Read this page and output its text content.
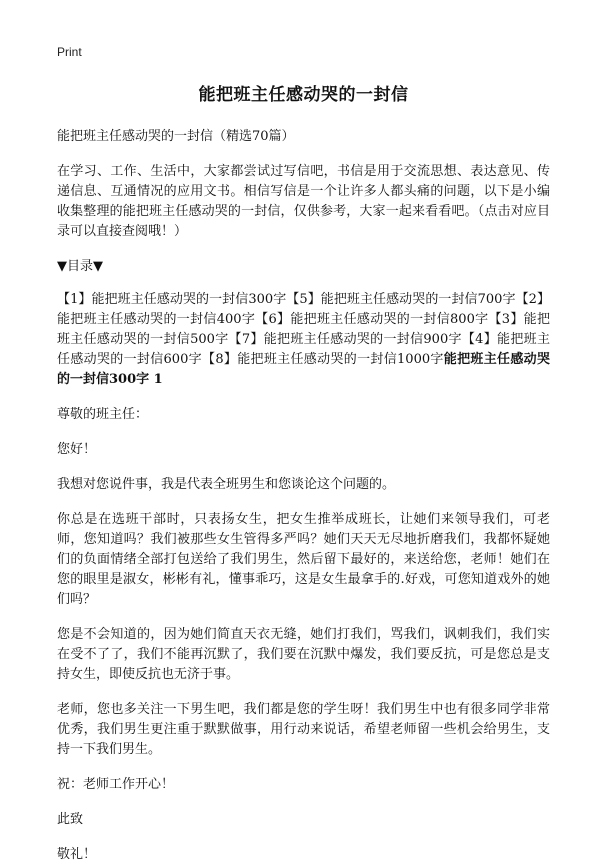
Print
能把班主任感动哭的一封信

能把班主任感动哭的一封信（精选70篇）

在学习、工作、生活中，大家都尝试过写信吧，书信是用于交流思想、表达意见、传递信息、互通情况的应用文书。相信写信是一个让许多人都头痛的问题，以下是小编收集整理的能把班主任感动哭的一封信，仅供参考，大家一起来看看吧。（点击对应目录可以直接查阅哦！）

▼目录▼

【1】能把班主任感动哭的一封信300字【5】能把班主任感动哭的一封信700字【2】能把班主任感动哭的一封信400字【6】能把班主任感动哭的一封信800字【3】能把班主任感动哭的一封信500字【7】能把班主任感动哭的一封信900字【4】能把班主任感动哭的一封信600字【8】能把班主任感动哭的一封信1000字能把班主任感动哭的一封信300字 1

尊敬的班主任：

您好！

我想对您说件事，我是代表全班男生和您谈论这个问题的。

你总是在选班干部时，只表扬女生，把女生推举成班长，让她们来领导我们，可老师，您知道吗？我们被那些女生管得多严吗？她们天天无尽地折磨我们，我都怀疑她们的负面情绪全部打包送给了我们男生，然后留下最好的，来送给您，老师！她们在您的眼里是淑女，彬彬有礼，懂事乖巧，这是女生最拿手的.好戏，可您知道戏外的她们吗？

您是不会知道的，因为她们简直天衣无缝，她们打我们，骂我们，讽刺我们，我们实在受不了了，我们不能再沉默了，我们要在沉默中爆发，我们要反抗，可是您总是支持女生，即使反抗也无济于事。

老师，您也多关注一下男生吧，我们都是您的学生呀！我们男生中也有很多同学非常优秀，我们男生更注重于默默做事，用行动来说话，希望老师留一些机会给男生，支持一下我们男生。

祝：老师工作开心！

此致

敬礼！
